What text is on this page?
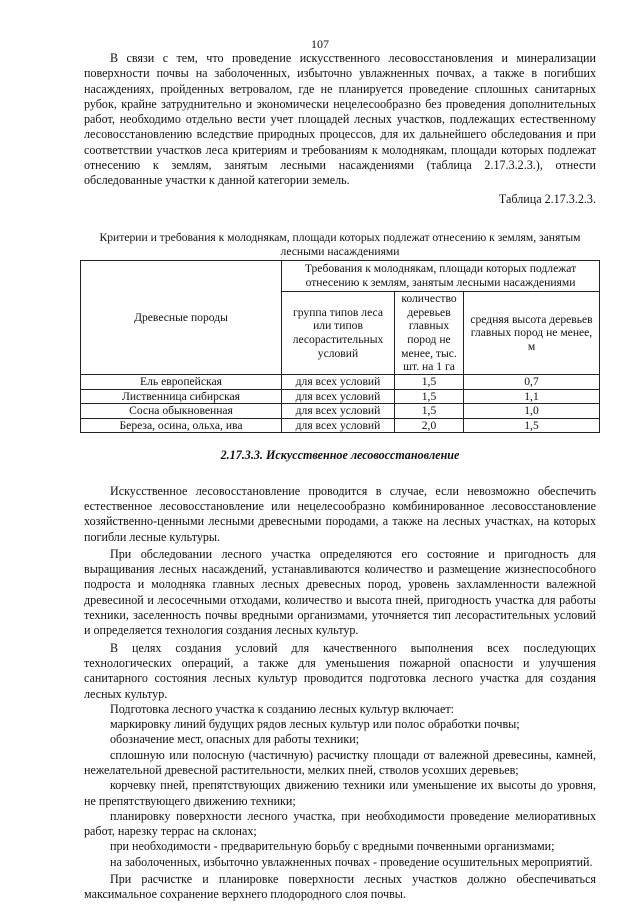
107

В связи с тем, что проведение искусственного лесовосстановления и минерализации поверхности почвы на заболоченных, избыточно увлажненных почвах, а также в погибших насаждениях, пройденных ветровалом, где не планируется проведение сплошных санитарных рубок, крайне затруднительно и экономически нецелесообразно без проведения дополнительных работ, необходимо отдельно вести учет площадей лесных участков, подлежащих естественному лесовосстановлению вследствие природных процессов, для их дальнейшего обследования и при соответствии участков леса критериям и требованиям к молоднякам, площади которых подлежат отнесению к землям, занятым лесными насаждениями (таблица 2.17.3.2.3.), отнести обследованные участки к данной категории земель.

Таблица 2.17.3.2.3.
Критерии и требования к молоднякам, площади которых подлежат отнесению к землям, занятым лесными насаждениями
Древесные породы	Требования к молоднякам, площади которых подлежат отнесению к землям, занятым лесными насаждениями		
	группа типов леса или типов лесорастительных условий	количество деревьев главных пород не менее, тыс. шт. на 1 га	средняя высота деревьев главных пород не менее, м
Ель европейская	для всех условий	1,5	0,7
Лиственница сибирская	для всех условий	1,5	1,1
Сосна обыкновенная	для всех условий	1,5	1,0
Береза, осина, ольха, ива	для всех условий	2,0	1,5
2.17.3.3. Искусственное лесовосстановление

Искусственное лесовосстановление проводится в случае, если невозможно обеспечить естественное лесовосстановление или нецелесообразно комбинированное лесовосстановление хозяйственно-ценными лесными древесными породами, а также на лесных участках, на которых погибли лесные культуры.

При обследовании лесного участка определяются его состояние и пригодность для выращивания лесных насаждений, устанавливаются количество и размещение жизнеспособного подроста и молодняка главных лесных древесных пород, уровень захламленности валежной древесиной и лесосечными отходами, количество и высота пней, пригодность участка для работы техники, заселенность почвы вредными организмами, уточняется тип лесорастительных условий и определяется технология создания лесных культур.

В целях создания условий для качественного выполнения всех последующих технологических операций, а также для уменьшения пожарной опасности и улучшения санитарного состояния лесных культур проводится подготовка лесного участка для создания лесных культур.

Подготовка лесного участка к созданию лесных культур включает:

маркировку линий будущих рядов лесных культур или полос обработки почвы;

обозначение мест, опасных для работы техники;

сплошную или полосную (частичную) расчистку площади от валежной древесины, камней, нежелательной древесной растительности, мелких пней, стволов усохших деревьев;

корчевку пней, препятствующих движению техники или уменьшение их высоты до уровня, не препятствующего движению техники;

планировку поверхности лесного участка, при необходимости проведение мелиоративных работ, нарезку террас на склонах;

при необходимости - предварительную борьбу с вредными почвенными организмами;

на заболоченных, избыточно увлажненных почвах - проведение осушительных мероприятий.

При расчистке и планировке поверхности лесных участков должно обеспечиваться максимальное сохранение верхнего плодородного слоя почвы.
